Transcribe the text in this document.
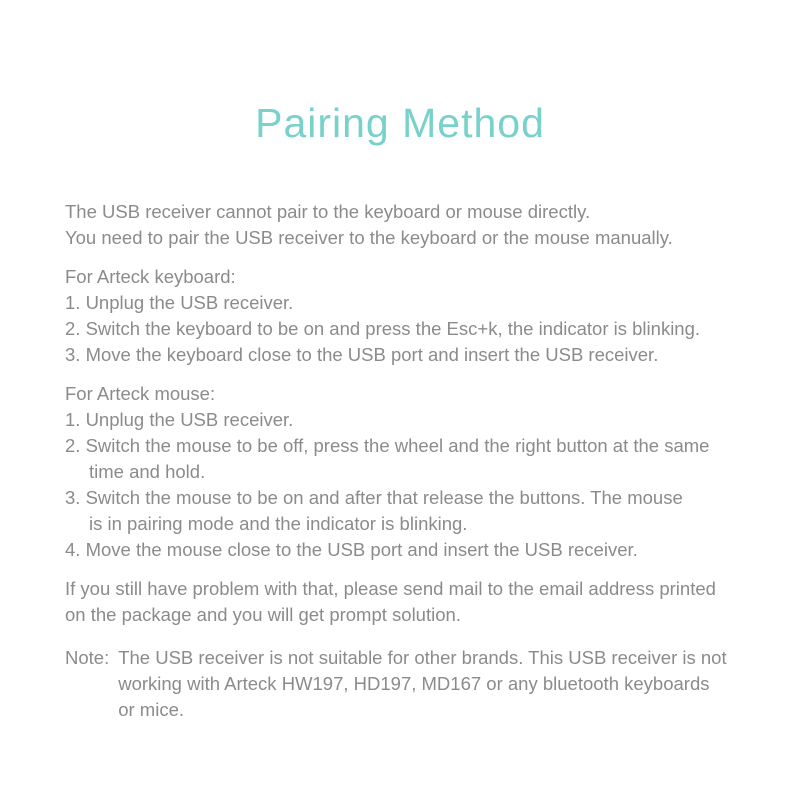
Pairing Method
The USB receiver cannot pair to the keyboard or mouse directly.
You need to pair the USB receiver to the keyboard or the mouse manually.
For Arteck keyboard:
1. Unplug the USB receiver.
2. Switch the keyboard to be on and press the Esc+k, the indicator is blinking.
3. Move the keyboard close to the USB port and insert the USB receiver.
For Arteck mouse:
1. Unplug the USB receiver.
2. Switch the mouse to be off, press the wheel and the right button at the same
time and hold.
3. Switch the mouse to be on and after that release the buttons. The mouse
is in pairing mode and the indicator is blinking.
4. Move the mouse close to the USB port and insert the USB receiver.
If you still have problem with that, please send mail to the email address printed
on the package and you will get prompt solution.
Note: The USB receiver is not suitable for other brands. This USB receiver is not
working with Arteck HW197, HD197, MD167 or any bluetooth keyboards
or mice.
